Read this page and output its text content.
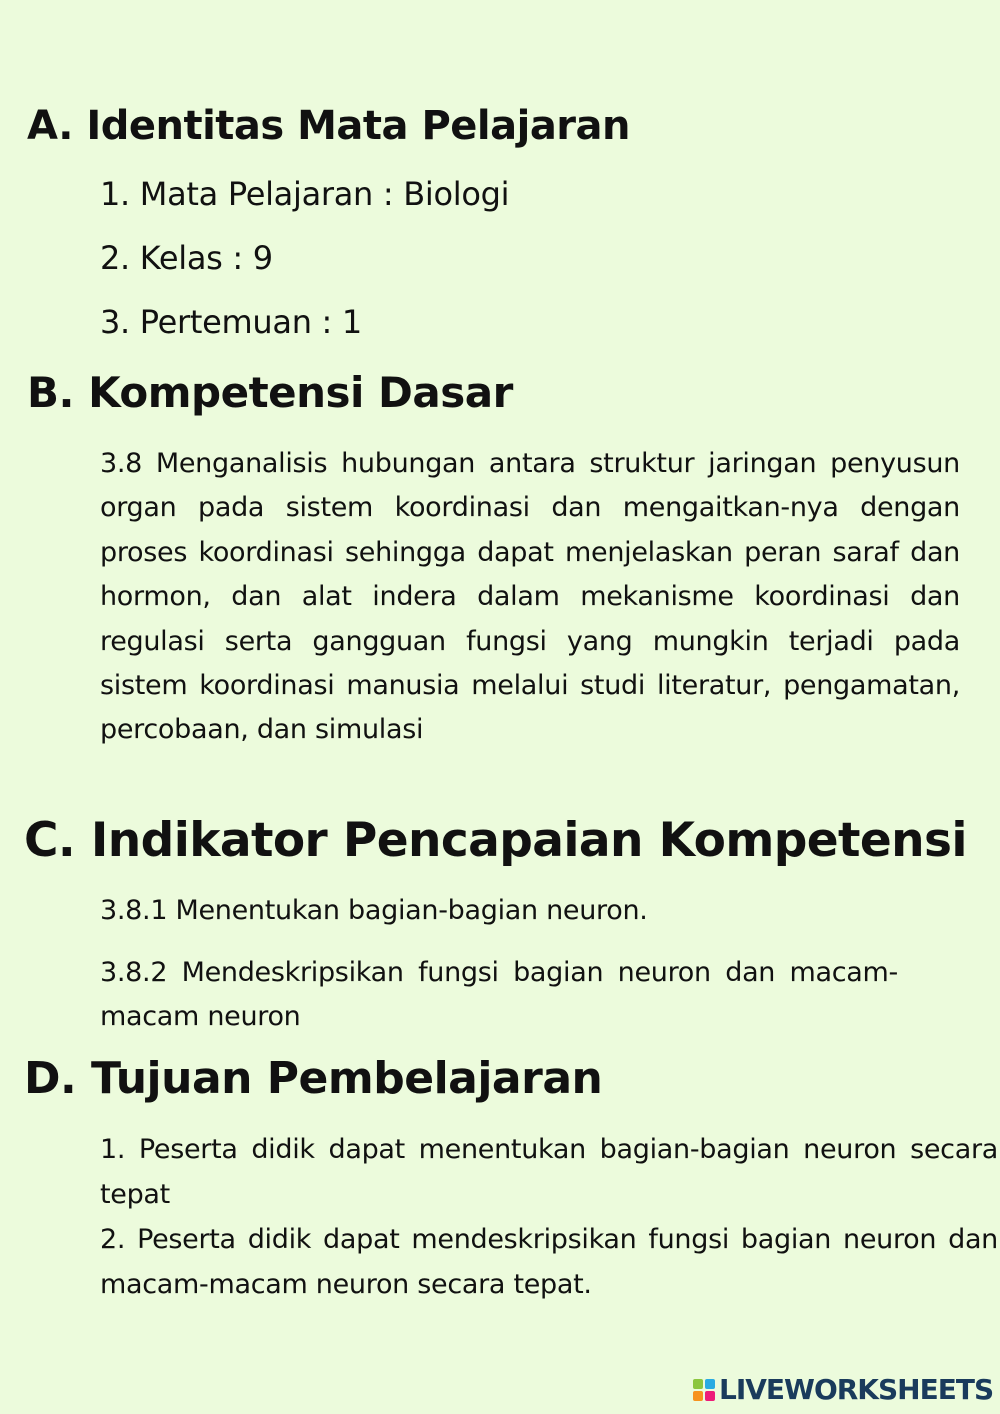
A. Identitas Mata Pelajaran

1. Mata Pelajaran : Biologi

2. Kelas : 9

3. Pertemuan : 1

B. Kompetensi Dasar

3.8 Menganalisis hubungan antara struktur jaringan penyusun organ pada sistem koordinasi dan mengaitkan-nya dengan proses koordinasi sehingga dapat menjelaskan peran saraf dan hormon, dan alat indera dalam mekanisme koordinasi dan regulasi serta gangguan fungsi yang mungkin terjadi pada sistem koordinasi manusia melalui studi literatur, pengamatan, percobaan, dan simulasi

C. Indikator Pencapaian Kompetensi

3.8.1 Menentukan bagian-bagian neuron.

3.8.2 Mendeskripsikan fungsi bagian neuron dan macam-macam neuron

D. Tujuan Pembelajaran

1. Peserta didik dapat menentukan bagian-bagian neuron secara tepat

2. Peserta didik dapat mendeskripsikan fungsi bagian neuron dan macam-macam neuron secara tepat.

LIVEWORKSHEETS
